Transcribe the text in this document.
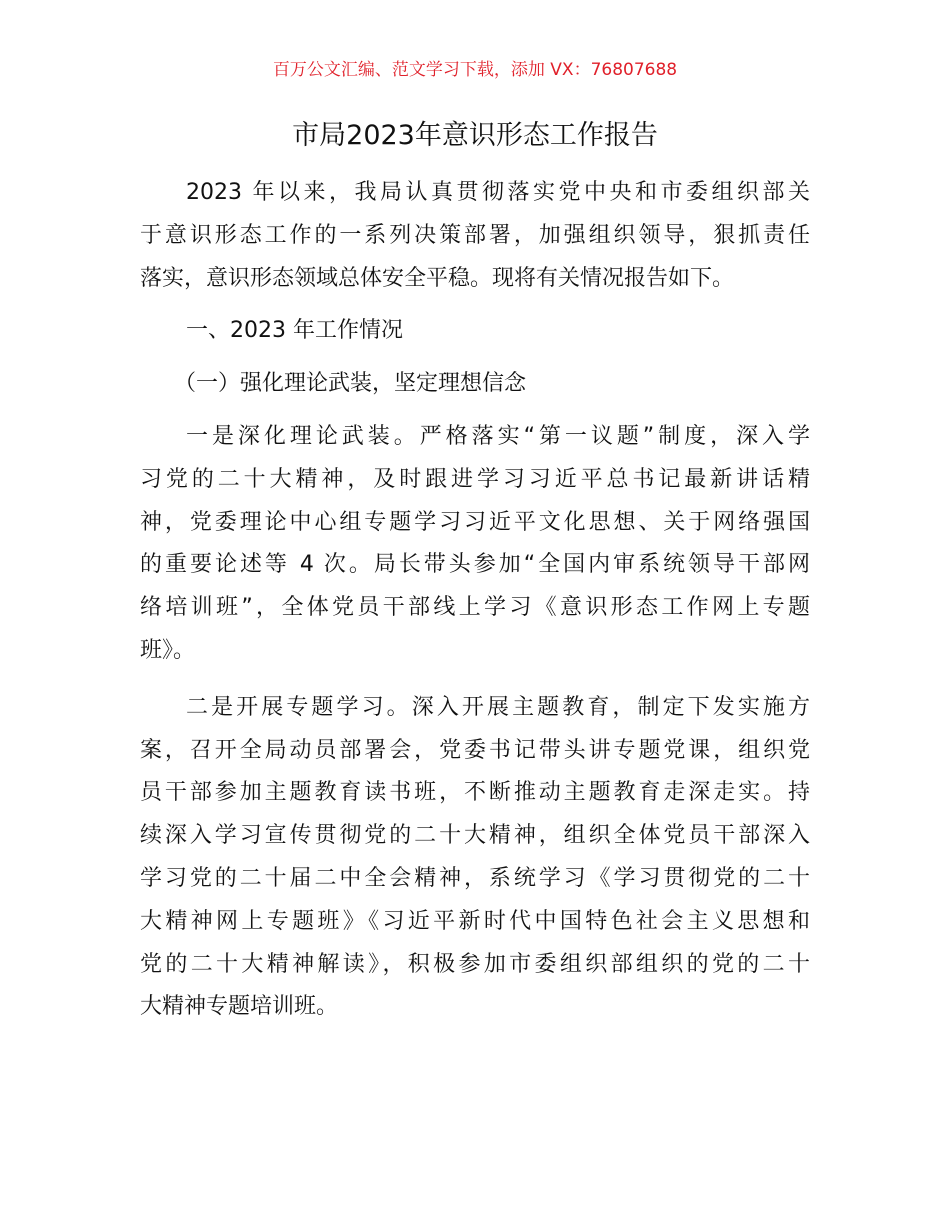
百万公文汇编、范文学习下载，添加 VX：76807688
市局2023年意识形态工作报告
2023 年以来，我局认真贯彻落实党中央和市委组织部关
于意识形态工作的一系列决策部署，加强组织领导，狠抓责任
落实，意识形态领域总体安全平稳。现将有关情况报告如下。
一、2023 年工作情况
（一）强化理论武装，坚定理想信念
一是深化理论武装。严格落实“第一议题”制度，深入学
习党的二十大精神，及时跟进学习习近平总书记最新讲话精
神，党委理论中心组专题学习习近平文化思想、关于网络强国
的重要论述等 4 次。局长带头参加“全国内审系统领导干部网
络培训班”，全体党员干部线上学习《意识形态工作网上专题
班》。
二是开展专题学习。深入开展主题教育，制定下发实施方
案，召开全局动员部署会，党委书记带头讲专题党课，组织党
员干部参加主题教育读书班，不断推动主题教育走深走实。持
续深入学习宣传贯彻党的二十大精神，组织全体党员干部深入
学习党的二十届二中全会精神，系统学习《学习贯彻党的二十
大精神网上专题班》《习近平新时代中国特色社会主义思想和
党的二十大精神解读》，积极参加市委组织部组织的党的二十
大精神专题培训班。
